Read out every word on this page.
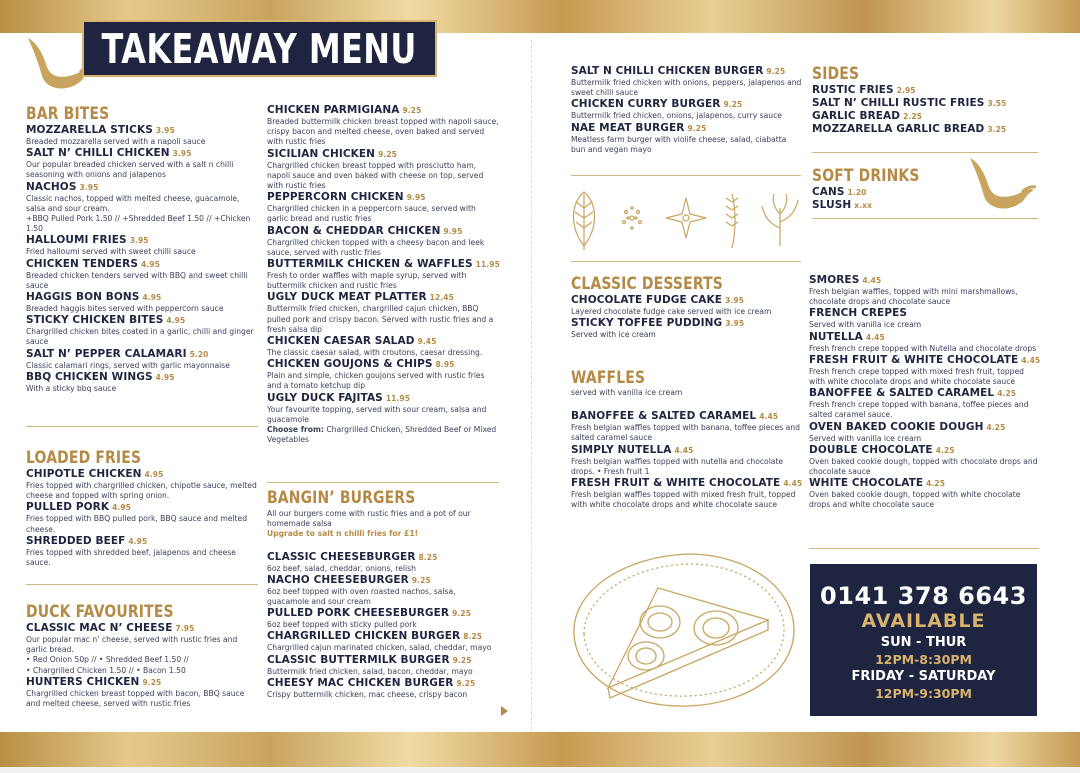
TAKEAWAY MENU
BAR BITES
MOZZARELLA STICKS 3.95
Breaded mozzarella served with a napoli sauce
SALT N’ CHILLI CHICKEN 3.95
Our popular breaded chicken served with a salt n chilli seasoning with onions and jalapenos
NACHOS 3.95
Classic nachos, topped with melted cheese, guacamole, salsa and sour cream.
+BBQ Pulled Pork 1.50 // +Shredded Beef 1.50 // +Chicken 1.50
HALLOUMI FRIES 3.95
Fried halloumi served with sweet chilli sauce
CHICKEN TENDERS 4.95
Breaded chicken tenders served with BBQ and sweet chilli sauce
HAGGIS BON BONS 4.95
Breaded haggis bites served with peppercorn sauce
STICKY CHICKEN BITES 4.95
Chargrilled chicken bites coated in a garlic, chilli and ginger sauce
SALT N’ PEPPER CALAMARI 5.20
Classic calamari rings, served with garlic mayonnaise
BBQ CHICKEN WINGS 4.95
With a sticky bbq sauce
LOADED FRIES
CHIPOTLE CHICKEN 4.95
Fries topped with chargrilled chicken, chipotle sauce, melted cheese and topped with spring onion.
PULLED PORK 4.95
Fries topped with BBQ pulled pork, BBQ sauce and melted cheese.
SHREDDED BEEF 4.95
Fries topped with shredded beef, jalapenos and cheese sauce.
DUCK FAVOURITES
CLASSIC MAC N’ CHEESE 7.95
Our popular mac n’ cheese, served with rustic fries and garlic bread.
• Red Onion 50p // • Shredded Beef 1.50 //
• Chargrilled Chicken 1.50 // • Bacon 1.50
HUNTERS CHICKEN 9.25
Chargrilled chicken breast topped with bacon, BBQ sauce and melted cheese, served with rustic fries
CHICKEN PARMIGIANA 9.25
Breaded buttermilk chicken breast topped with napoli sauce, crispy bacon and melted cheese, oven baked and served with rustic fries
SICILIAN CHICKEN 9.25
Chargrilled chicken breast topped with prosciutto ham, napoli sauce and oven baked with cheese on top, served with rustic fries
PEPPERCORN CHICKEN 9.95
Chargrilled chicken in a peppercorn sauce, served with garlic bread and rustic fries
BACON & CHEDDAR CHICKEN 9.95
Chargrilled chicken topped with a cheesy bacon and leek sauce, served with rustic fries
BUTTERMILK CHICKEN & WAFFLES 11.95
Fresh to order waffles with maple syrup, served with buttermilk chicken and rustic fries
UGLY DUCK MEAT PLATTER 12.45
Buttermilk fried chicken, chargrilled cajun chicken, BBQ pulled pork and crispy bacon. Served with rustic fries and a fresh salsa dip
CHICKEN CAESAR SALAD 9.45
The classic caesar salad, with croutons, caesar dressing.
CHICKEN GOUJONS & CHIPS 8.95
Plain and simple, chicken goujons served with rustic fries and a tomato ketchup dip
UGLY DUCK FAJITAS 11.95
Your favourite topping, served with sour cream, salsa and guacamole
Choose from: Chargrilled Chicken, Shredded Beef or Mixed Vegetables
BANGIN’ BURGERS
All our burgers come with rustic fries and a pot of our homemade salsa
Upgrade to salt n chilli fries for £1!
CLASSIC CHEESEBURGER 8.25
6oz beef, salad, cheddar, onions, relish
NACHO CHEESEBURGER 9.25
6oz beef topped with oven roasted nachos, salsa, guacamole and sour cream
PULLED PORK CHEESEBURGER 9.25
6oz beef topped with sticky pulled pork
CHARGRILLED CHICKEN BURGER 8.25
Chargrilled cajun marinated chicken, salad, cheddar, mayo
CLASSIC BUTTERMILK BURGER 9.25
Buttermilk fried chicken, salad, bacon, cheddar, mayo
CHEESY MAC CHICKEN BURGER 9.25
Crispy buttermilk chicken, mac cheese, crispy bacon
SALT N CHILLI CHICKEN BURGER 9.25
Buttermilk fried chicken with onions, peppers, jalapenos and sweet chilli sauce
CHICKEN CURRY BURGER 9.25
Buttermilk fried chicken, onions, jalapenos, curry sauce
NAE MEAT BURGER 9.25
Meatless farm burger with violife cheese, salad, ciabatta bun and vegan mayo
CLASSIC DESSERTS
CHOCOLATE FUDGE CAKE 3.95
Layered chocolate fudge cake served with ice cream
STICKY TOFFEE PUDDING 3.95
Served with ice cream
WAFFLES
served with vanilla ice cream
BANOFFEE & SALTED CARAMEL 4.45
Fresh belgian waffles topped with banana, toffee pieces and salted caramel sauce
SIMPLY NUTELLA 4.45
Fresh belgian waffles topped with nutella and chocolate drops. • Fresh fruit 1
FRESH FRUIT & WHITE CHOCOLATE 4.45
Fresh belgian waffles topped with mixed fresh fruit, topped with white chocolate drops and white chocolate sauce
SIDES
RUSTIC FRIES 2.95
SALT N’ CHILLI RUSTIC FRIES 3.55
GARLIC BREAD 2.25
MOZZARELLA GARLIC BREAD 3.25
SOFT DRINKS
CANS 1.20
SLUSH x.xx
SMORES 4.45
Fresh belgian waffles, topped with mini marshmallows, chocolate drops and chocolate sauce
FRENCH CREPES
Served with vanilla ice cream
NUTELLA 4.45
Fresh french crepe topped with Nutella and chocolate drops
FRESH FRUIT & WHITE CHOCOLATE 4.45
Fresh french crepe topped with mixed fresh fruit, topped with white chocolate drops and white chocolate sauce
BANOFFEE & SALTED CARAMEL 4.25
Fresh french crepe topped with banana, toffee pieces and salted caramel sauce.
OVEN BAKED COOKIE DOUGH 4.25
Served with vanilla ice cream
DOUBLE CHOCOLATE 4.25
Oven baked cookie dough, topped with chocolate drops and chocolate sauce
WHITE CHOCOLATE 4.25
Oven baked cookie dough, topped with white chocolate drops and white chocolate sauce
0141 378 6643
AVAILABLE
SUN - THUR
12PM-8:30PM
FRIDAY - SATURDAY
12PM-9:30PM
